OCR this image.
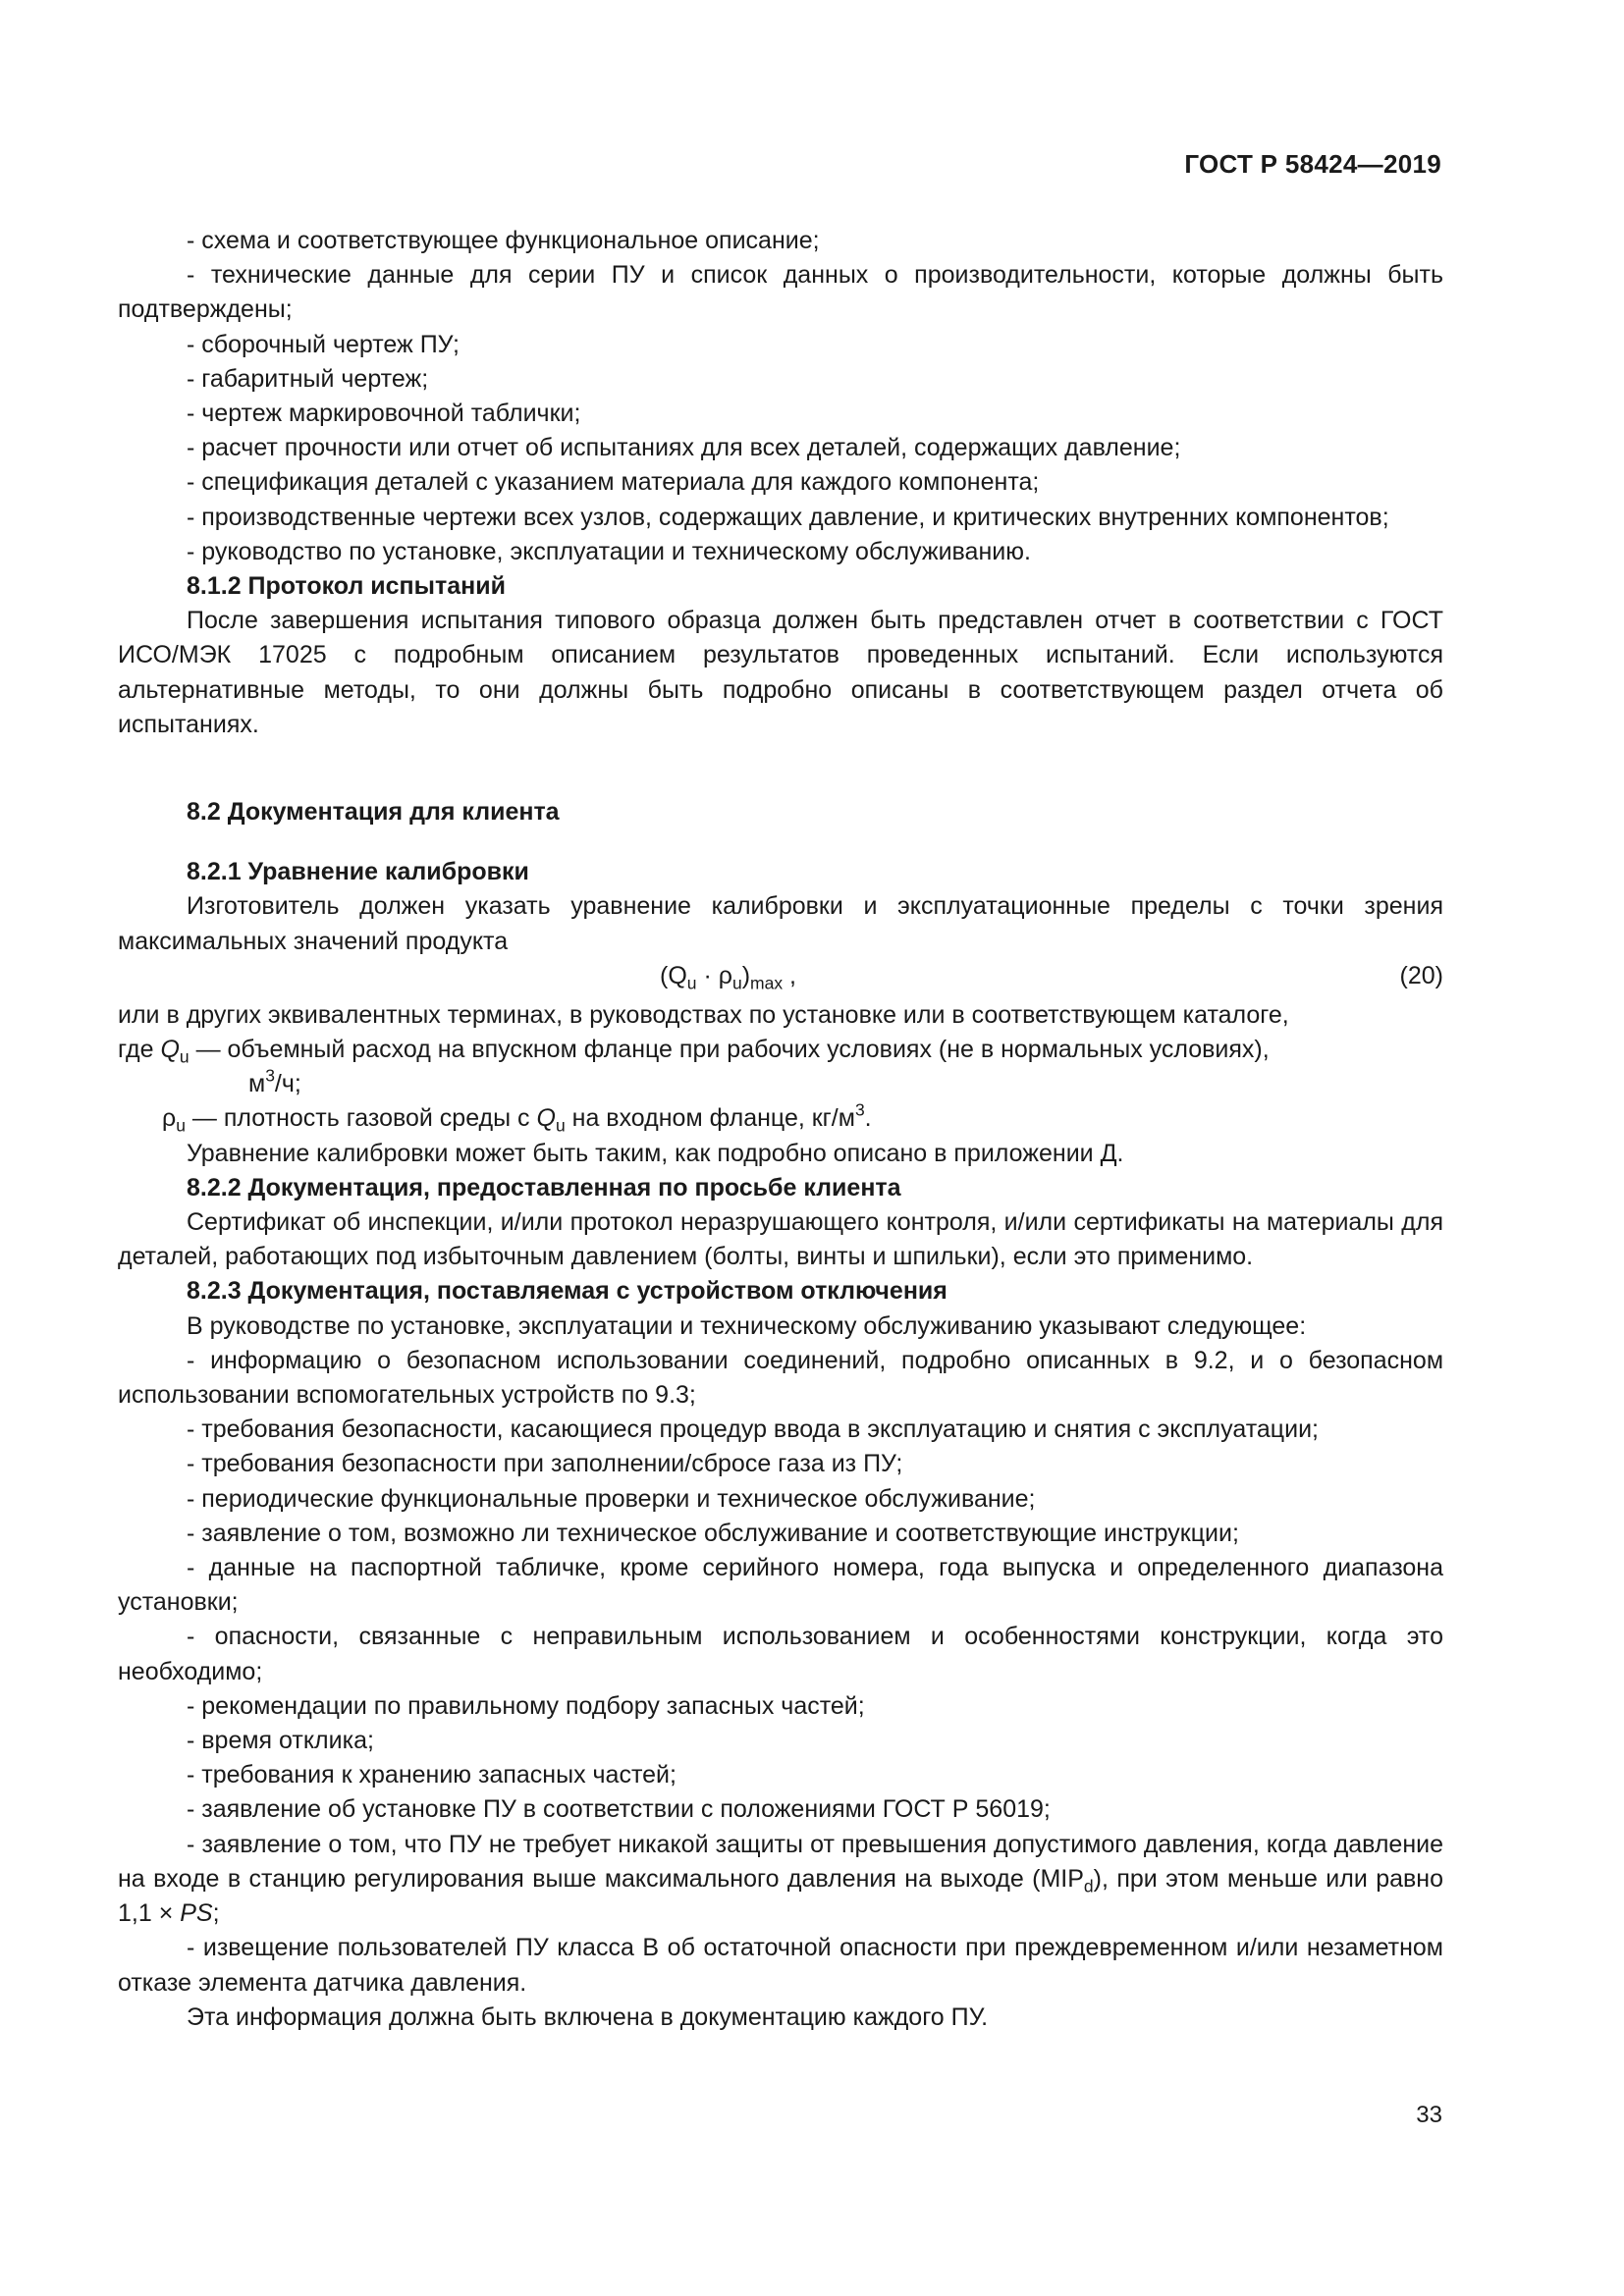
ГОСТ Р 58424—2019

- схема и соответствующее функциональное описание;

- технические данные для серии ПУ и список данных о производительности, которые должны быть подтверждены;

- сборочный чертеж ПУ;

- габаритный чертеж;

- чертеж маркировочной таблички;

- расчет прочности или отчет об испытаниях для всех деталей, содержащих давление;

- спецификация деталей с указанием материала для каждого компонента;

- производственные чертежи всех узлов, содержащих давление, и критических внутренних компонентов;

- руководство по установке, эксплуатации и техническому обслуживанию.

8.1.2 Протокол испытаний

После завершения испытания типового образца должен быть представлен отчет в соответствии с ГОСТ ИСО/МЭК 17025 с подробным описанием результатов проведенных испытаний. Если используются альтернативные методы, то они должны быть подробно описаны в соответствующем раздел отчета об испытаниях.

8.2 Документация для клиента

8.2.1 Уравнение калибровки

Изготовитель должен указать уравнение калибровки и эксплуатационные пределы с точки зрения максимальных значений продукта

$(Q_u \cdot \rho_u)_{max}$ ,	(20)

или в других эквивалентных терминах, в руководствах по установке или в соответствующем каталоге,

где $Q_u$ — объемный расход на впускном фланце при рабочих условиях (не в нормальных условиях),

$м^3/ч$;

$\rho_u$ — плотность газовой среды с $Q_u$ на входном фланце, $кг/м^3$.

Уравнение калибровки может быть таким, как подробно описано в приложении Д.

8.2.2 Документация, предоставленная по просьбе клиента

Сертификат об инспекции, и/или протокол неразрушающего контроля, и/или сертификаты на материалы для деталей, работающих под избыточным давлением (болты, винты и шпильки), если это применимо.

8.2.3 Документация, поставляемая с устройством отключения

В руководстве по установке, эксплуатации и техническому обслуживанию указывают следующее:

- информацию о безопасном использовании соединений, подробно описанных в 9.2, и о безопасном использовании вспомогательных устройств по 9.3;

- требования безопасности, касающиеся процедур ввода в эксплуатацию и снятия с эксплуатации;

- требования безопасности при заполнении/сбросе газа из ПУ;

- периодические функциональные проверки и техническое обслуживание;

- заявление о том, возможно ли техническое обслуживание и соответствующие инструкции;

- данные на паспортной табличке, кроме серийного номера, года выпуска и определенного диапазона установки;

- опасности, связанные с неправильным использованием и особенностями конструкции, когда это необходимо;

- рекомендации по правильному подбору запасных частей;

- время отклика;

- требования к хранению запасных частей;

- заявление об установке ПУ в соответствии с положениями ГОСТ Р 56019;

- заявление о том, что ПУ не требует никакой защиты от превышения допустимого давления, когда давление на входе в станцию регулирования выше максимального давления на выходе $(MIP_d)$, при этом меньше или равно 1,1 × PS;

- извещение пользователей ПУ класса В об остаточной опасности при преждевременном и/или незаметном отказе элемента датчика давления.

Эта информация должна быть включена в документацию каждого ПУ.

33
